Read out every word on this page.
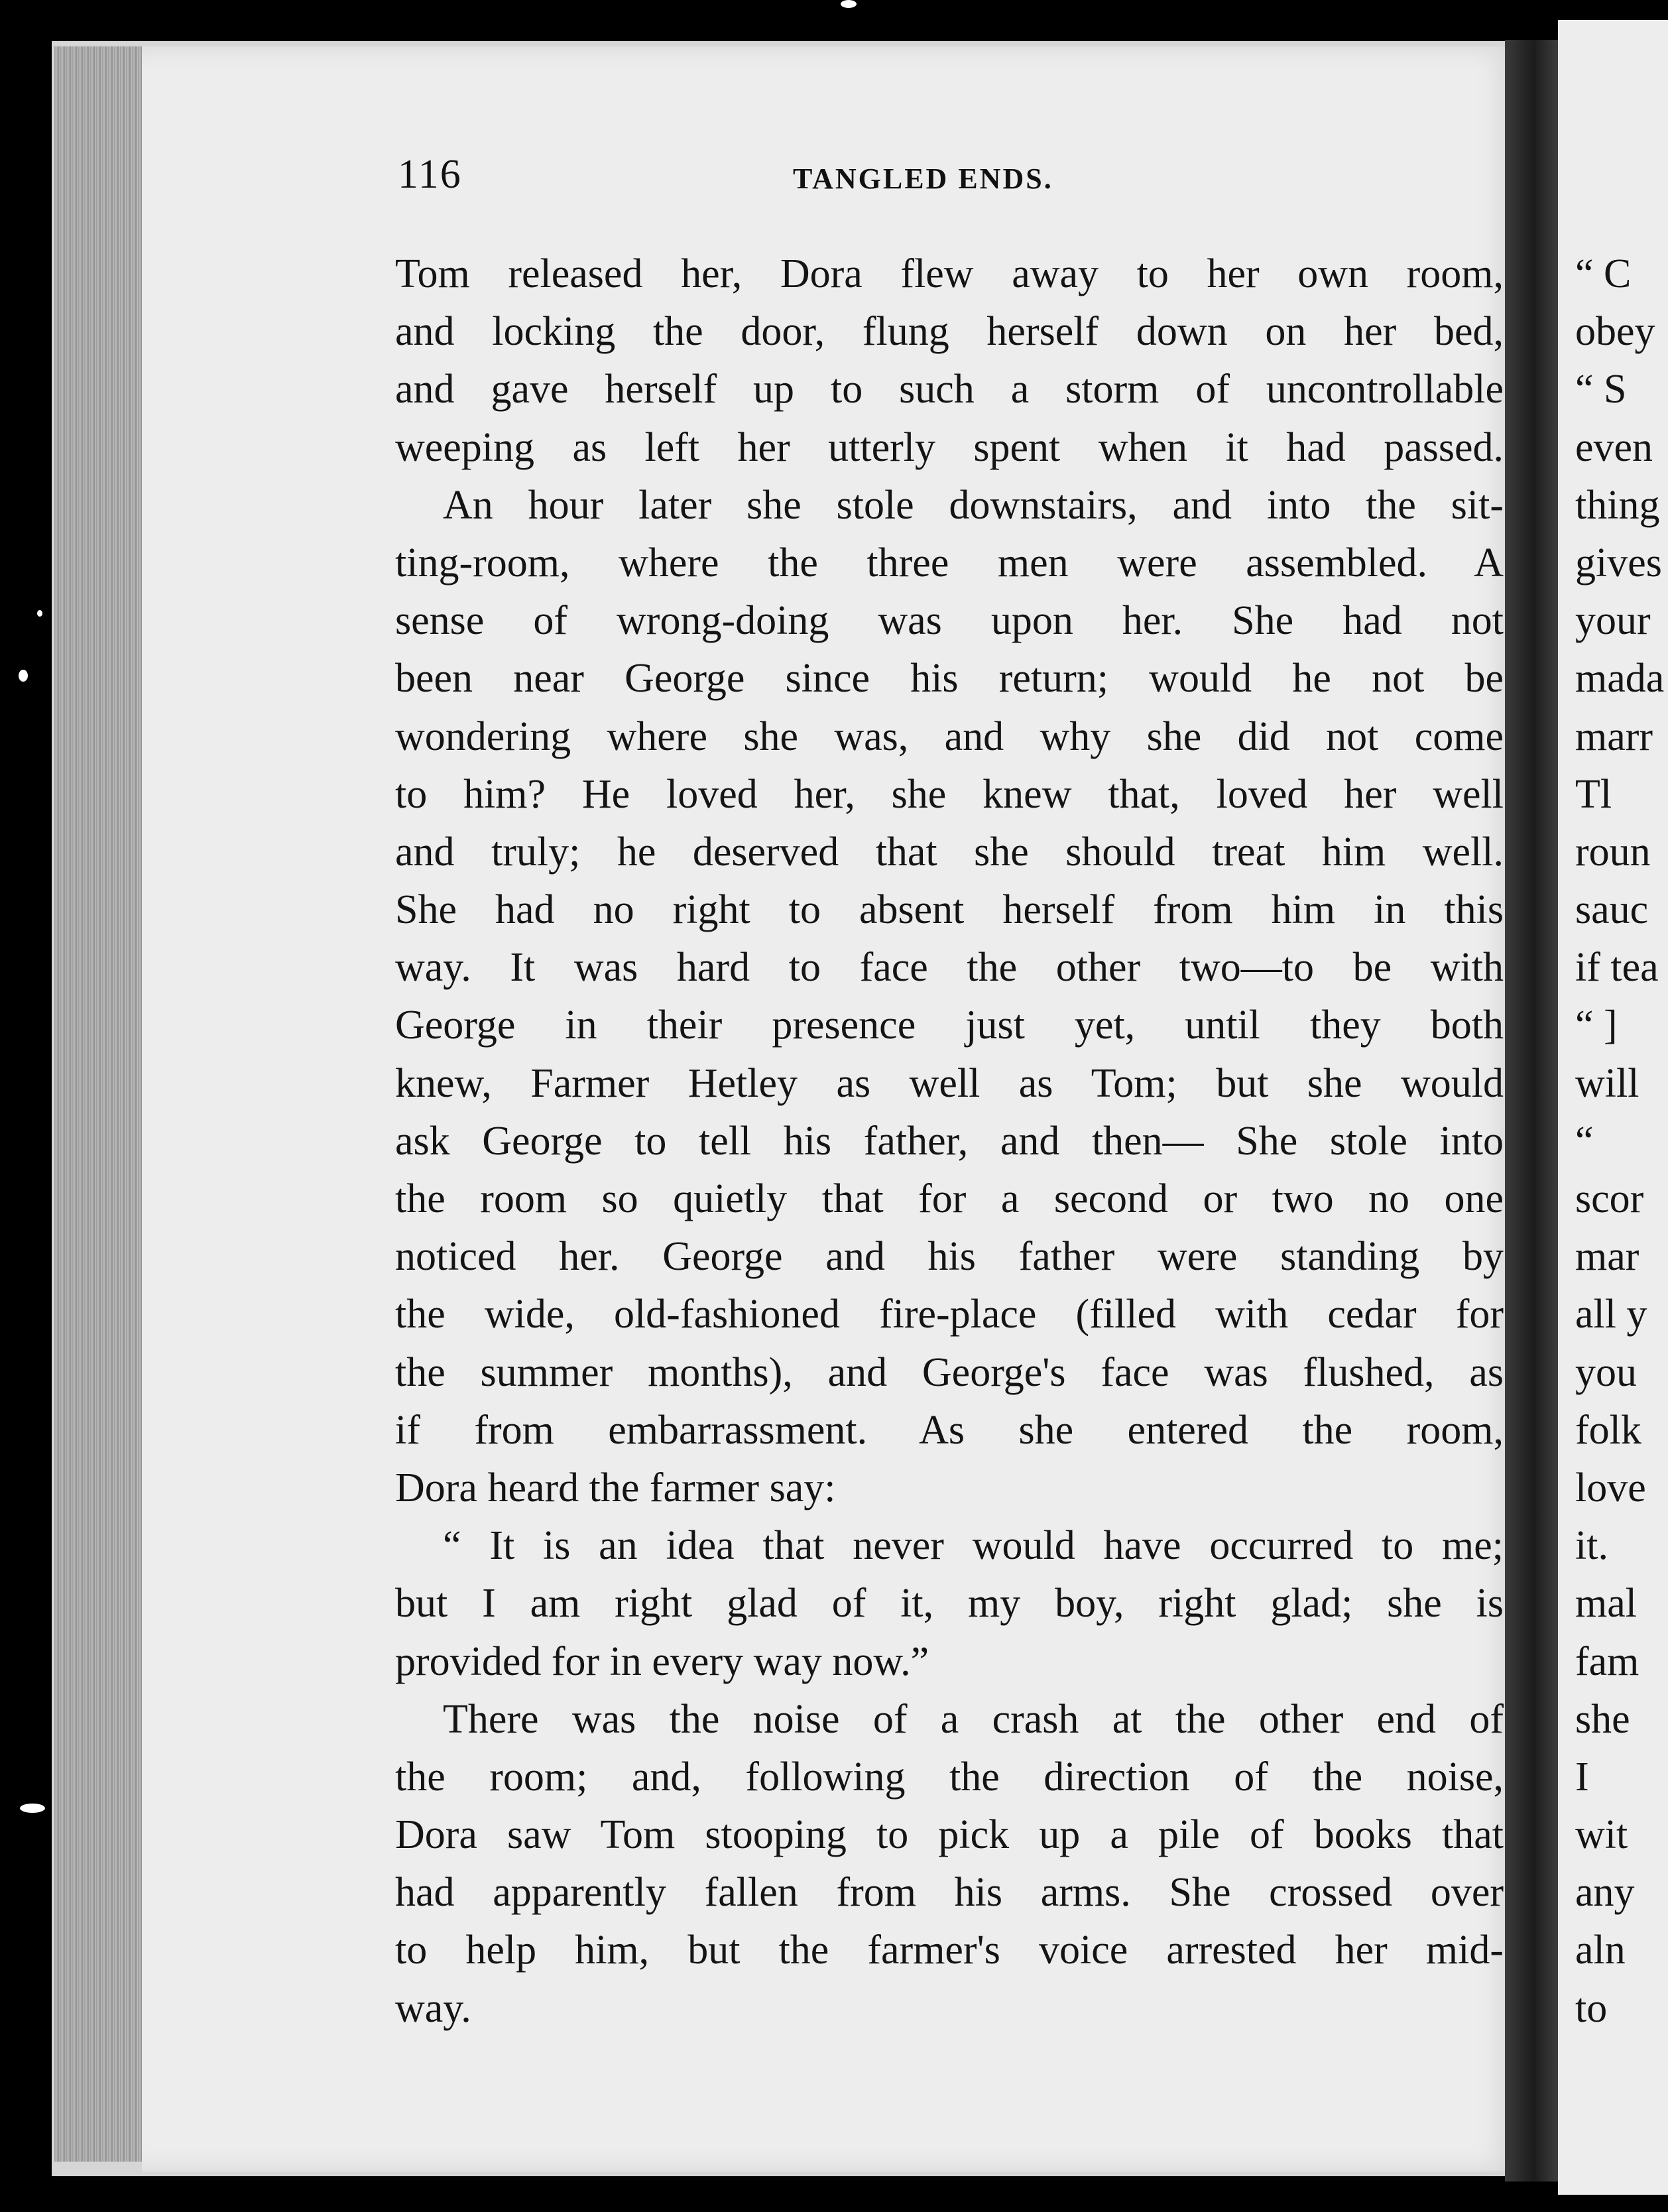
116	TANGLED ENDS.
Tom released her, Dora flew away to her own room,
and locking the door, flung herself down on her bed,
and gave herself up to such a storm of uncontrollable
weeping as left her utterly spent when it had passed.
An hour later she stole downstairs, and into the sit-
ting-room, where the three men were assembled. A
sense of wrong-doing was upon her. She had not
been near George since his return; would he not be
wondering where she was, and why she did not come
to him? He loved her, she knew that, loved her well
and truly; he deserved that she should treat him well.
She had no right to absent herself from him in this
way. It was hard to face the other two—to be with
George in their presence just yet, until they both
knew, Farmer Hetley as well as Tom; but she would
ask George to tell his father, and then— She stole into
the room so quietly that for a second or two no one
noticed her. George and his father were standing by
the wide, old-fashioned fire-place (filled with cedar for
the summer months), and George's face was flushed, as
if from embarrassment. As she entered the room,
Dora heard the farmer say:
“ It is an idea that never would have occurred to me;
but I am right glad of it, my boy, right glad; she is
provided for in every way now.”
There was the noise of a crash at the other end of
the room; and, following the direction of the noise,
Dora saw Tom stooping to pick up a pile of books that
had apparently fallen from his arms. She crossed over
to help him, but the farmer's voice arrested her mid-
way.
“ C
obey
“ S
even
thing
gives
your
mada
marr
Tl
roun
sauc
if tea
“ ]
will
“
scor
mar
all y
you
folk
love
it.
mal
fam
she
I
wit
any
aln
to
